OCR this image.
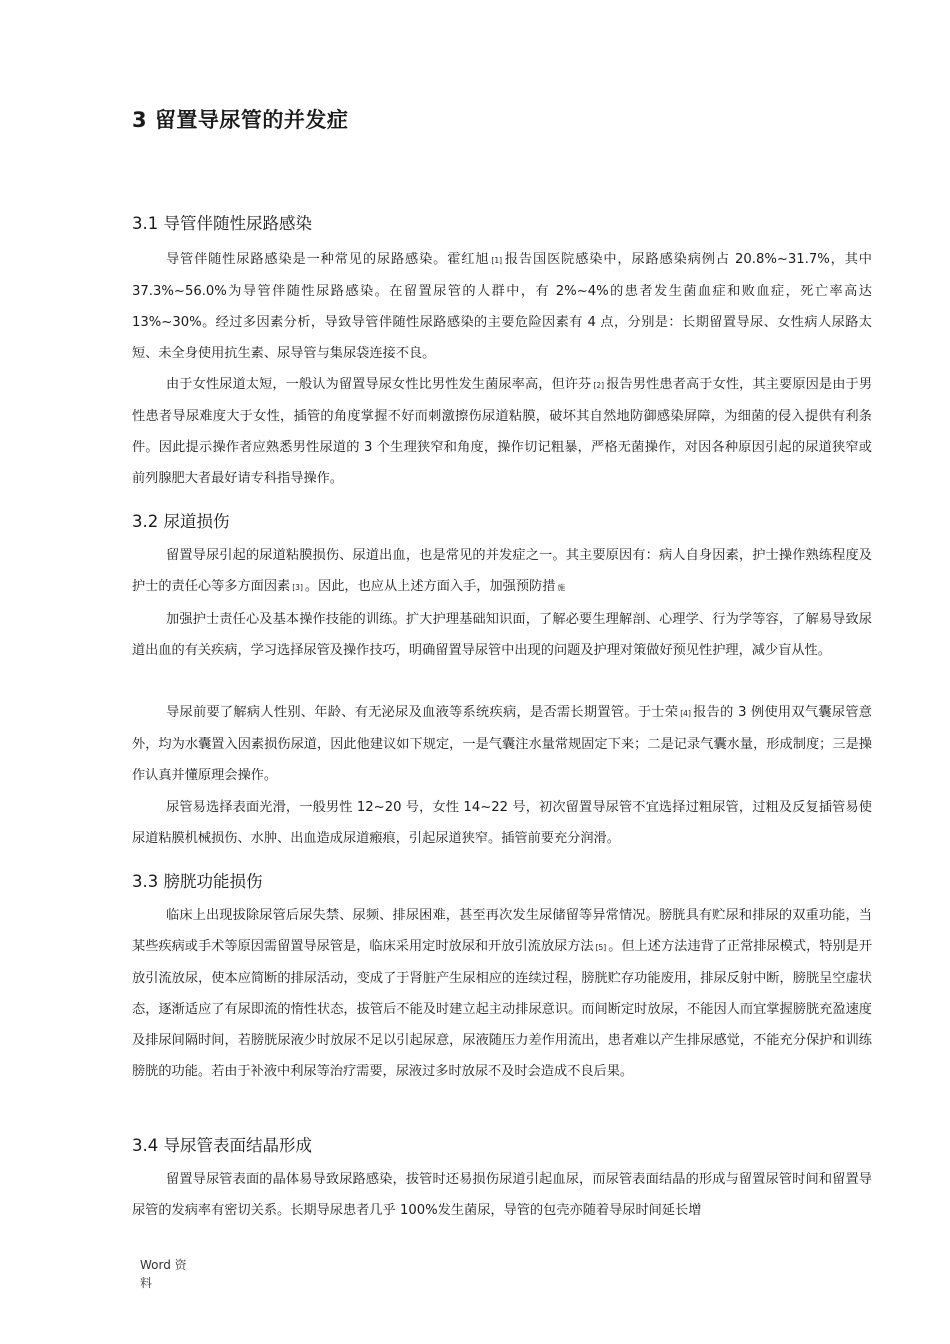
3 留置导尿管的并发症
3.1 导管伴随性尿路感染

导管伴随性尿路感染是一种常见的尿路感染。霍红旭 [1] 报告国医院感染中，尿路感染病例占 20.8%~31.7%，其中 37.3%~56.0%为导管伴随性尿路感染。在留置尿管的人群中，有 2%~4%的患者发生菌血症和败血症，死亡率高达 13%~30%。经过多因素分析，导致导管伴随性尿路感染的主要危险因素有 4 点，分别是：长期留置导尿、女性病人尿路太短、未全身使用抗生素、尿导管与集尿袋连接不良。

由于女性尿道太短，一般认为留置导尿女性比男性发生菌尿率高，但许芬 [2] 报告男性患者高于女性，其主要原因是由于男性患者导尿难度大于女性，插管的角度掌握不好而刺激擦伤尿道粘膜，破坏其自然地防御感染屏障，为细菌的侵入提供有利条件。因此提示操作者应熟悉男性尿道的 3 个生理狭窄和角度，操作切记粗暴，严格无菌操作，对因各种原因引起的尿道狭窄或前列腺肥大者最好请专科指导操作。

3.2 尿道损伤

留置导尿引起的尿道粘膜损伤、尿道出血，也是常见的并发症之一。其主要原因有：病人自身因素，护士操作熟练程度及护士的责任心等多方面因素 [3] 。因此，也应从上述方面入手，加强预防措 施

加强护士责任心及基本操作技能的训练。扩大护理基础知识面，了解必要生理解剖、心理学、行为学等容，了解易导致尿道出血的有关疾病，学习选择尿管及操作技巧，明确留置导尿管中出现的问题及护理对策做好预见性护理，减少盲从性。

导尿前要了解病人性别、年龄、有无泌尿及血液等系统疾病，是否需长期置管。于士荣 [4] 报告的 3 例使用双气囊尿管意外，均为水囊置入因素损伤尿道，因此他建议如下规定，一是气囊注水量常规固定下来；二是记录气囊水量，形成制度；三是操作认真并懂原理会操作。

尿管易选择表面光滑，一般男性 12~20 号，女性 14~22 号，初次留置导尿管不宜选择过粗尿管，过粗及反复插管易使尿道粘膜机械损伤、水肿、出血造成尿道瘢痕，引起尿道狭窄。插管前要充分润滑。

3.3 膀胱功能损伤

临床上出现拔除尿管后尿失禁、尿频、排尿困难，甚至再次发生尿储留等异常情况。膀胱具有贮尿和排尿的双重功能，当某些疾病或手术等原因需留置导尿管是，临床采用定时放尿和开放引流放尿方法 [5] 。但上述方法违背了正常排尿模式，特别是开放引流放尿，使本应简断的排尿活动，变成了于肾脏产生尿相应的连续过程，膀胱贮存功能废用，排尿反射中断，膀胱呈空虚状态，逐渐适应了有尿即流的惰性状态，拔管后不能及时建立起主动排尿意识。而间断定时放尿，不能因人而宜掌握膀胱充盈速度及排尿间隔时间，若膀胱尿液少时放尿不足以引起尿意，尿液随压力差作用流出，患者难以产生排尿感觉，不能充分保护和训练膀胱的功能。若由于补液中利尿等治疗需要，尿液过多时放尿不及时会造成不良后果。

3.4 导尿管表面结晶形成

留置导尿管表面的晶体易导致尿路感染，拔管时还易损伤尿道引起血尿，而尿管表面结晶的形成与留置尿管时间和留置导尿管的发病率有密切关系。长期导尿患者几乎 100%发生菌尿，导管的包壳亦随着导尿时间延长增

Word 资
料
